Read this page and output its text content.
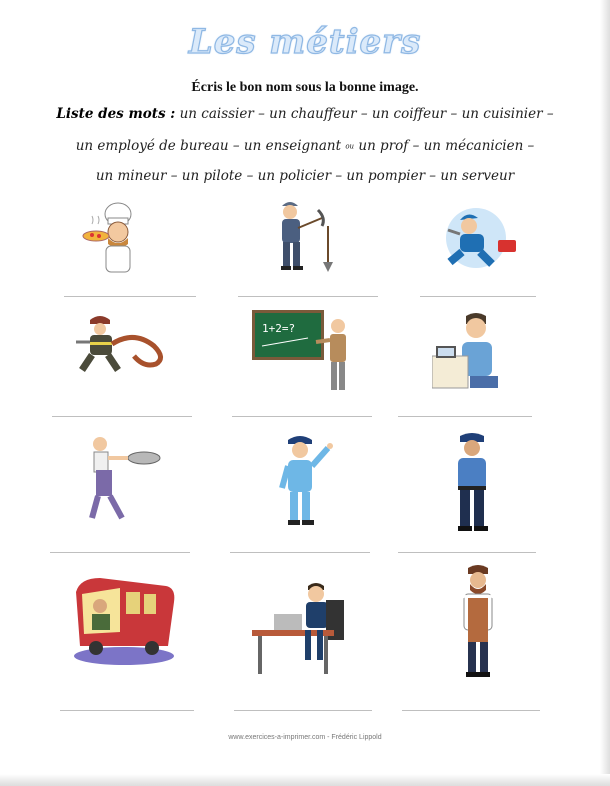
Les métiers
Écris le bon nom sous la bonne image.
Liste des mots : un caissier – un chauffeur – un coiffeur – un cuisinier –
un employé de bureau – un enseignant ou un prof – un mécanicien –
un mineur – un pilote – un policier – un pompier – un serveur
1+2=?
www.exercices-a-imprimer.com - Frédéric Lippold
